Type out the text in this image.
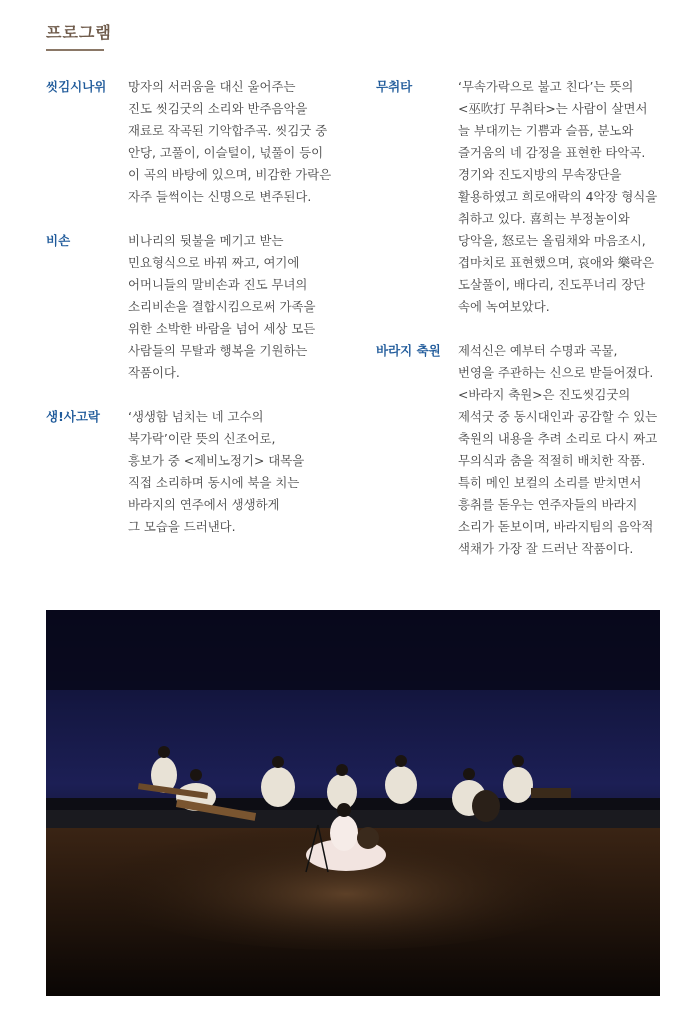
프로그램
씻김시나위	망자의 서러움을 대신 울어주는
진도 씻김굿의 소리와 반주음악을
재료로 작곡된 기악합주곡. 씻김굿 중
안당, 고풀이, 이슬털이, 넋풀이 등이
이 곡의 바탕에 있으며, 비감한 가락은
자주 들썩이는 신명으로 변주된다.
비손	비나리의 뒷불을 메기고 받는
민요형식으로 바꿔 짜고, 여기에
어머니들의 말비손과 진도 무녀의
소리비손을 결합시킴으로써 가족을
위한 소박한 바람을 넘어 세상 모든
사람들의 무탈과 행복을 기원하는
작품이다.
생!사고락	‘생생함 넘치는 네 고수의
북가락’이란 뜻의 신조어로,
흥보가 중 <제비노정기> 대목을
직접 소리하며 동시에 북을 치는
바라지의 연주에서 생생하게
그 모습을 드러낸다.
무취타	‘무속가락으로 불고 친다’는 뜻의
<巫吹打 무취타>는 사람이 살면서
늘 부대끼는 기쁨과 슬픔, 분노와
즐거움의 네 감정을 표현한 타악곡.
경기와 진도지방의 무속장단을
활용하였고 희로애락의 4악장 형식을
취하고 있다. 喜희는 부정놀이와
당악을, 怒로는 올림채와 마음조시,
겹마치로 표현했으며, 哀애와 樂락은
도살풀이, 배다리, 진도푸너리 장단
속에 녹여보았다.
바라지 축원	제석신은 예부터 수명과 곡물,
번영을 주관하는 신으로 받들어졌다.
<바라지 축원>은 진도씻김굿의
제석굿 중 동시대인과 공감할 수 있는
축원의 내용을 추려 소리로 다시 짜고
무의식과 춤을 적절히 배치한 작품.
특히 메인 보컬의 소리를 받치면서
흥취를 돋우는 연주자들의 바라지
소리가 돋보이며, 바라지팀의 음악적
색채가 가장 잘 드러난 작품이다.
